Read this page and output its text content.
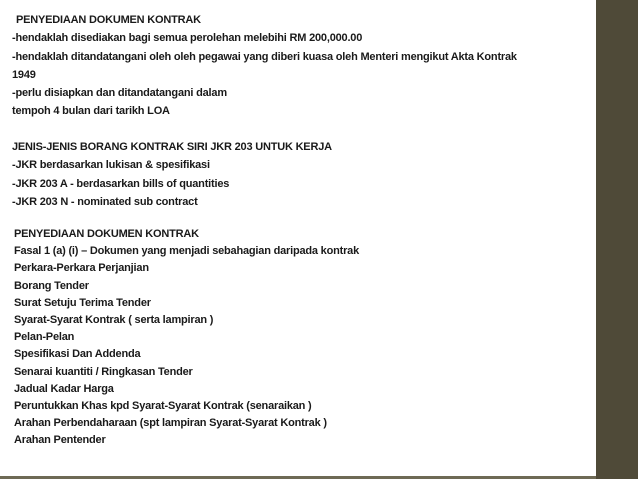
PENYEDIAAN DOKUMEN KONTRAK
-hendaklah disediakan bagi semua perolehan melebihi RM 200,000.00
-hendaklah ditandatangani oleh oleh pegawai yang diberi kuasa oleh Menteri mengikut Akta Kontrak
1949
-perlu disiapkan dan ditandatangani dalam
tempoh 4 bulan dari tarikh LOA
JENIS-JENIS BORANG KONTRAK SIRI JKR 203 UNTUK KERJA
-JKR berdasarkan lukisan & spesifikasi
-JKR 203 A - berdasarkan bills of quantities
-JKR 203 N - nominated sub contract
PENYEDIAAN DOKUMEN KONTRAK
Fasal 1 (a) (i) – Dokumen yang menjadi sebahagian daripada kontrak
Perkara-Perkara Perjanjian
Borang Tender
Surat Setuju Terima Tender
Syarat-Syarat Kontrak ( serta lampiran )
Pelan-Pelan
Spesifikasi Dan Addenda
Senarai kuantiti / Ringkasan Tender
Jadual Kadar Harga
Peruntukkan Khas kpd Syarat-Syarat Kontrak (senaraikan )
Arahan Perbendaharaan (spt lampiran Syarat-Syarat Kontrak )
Arahan Pentender
